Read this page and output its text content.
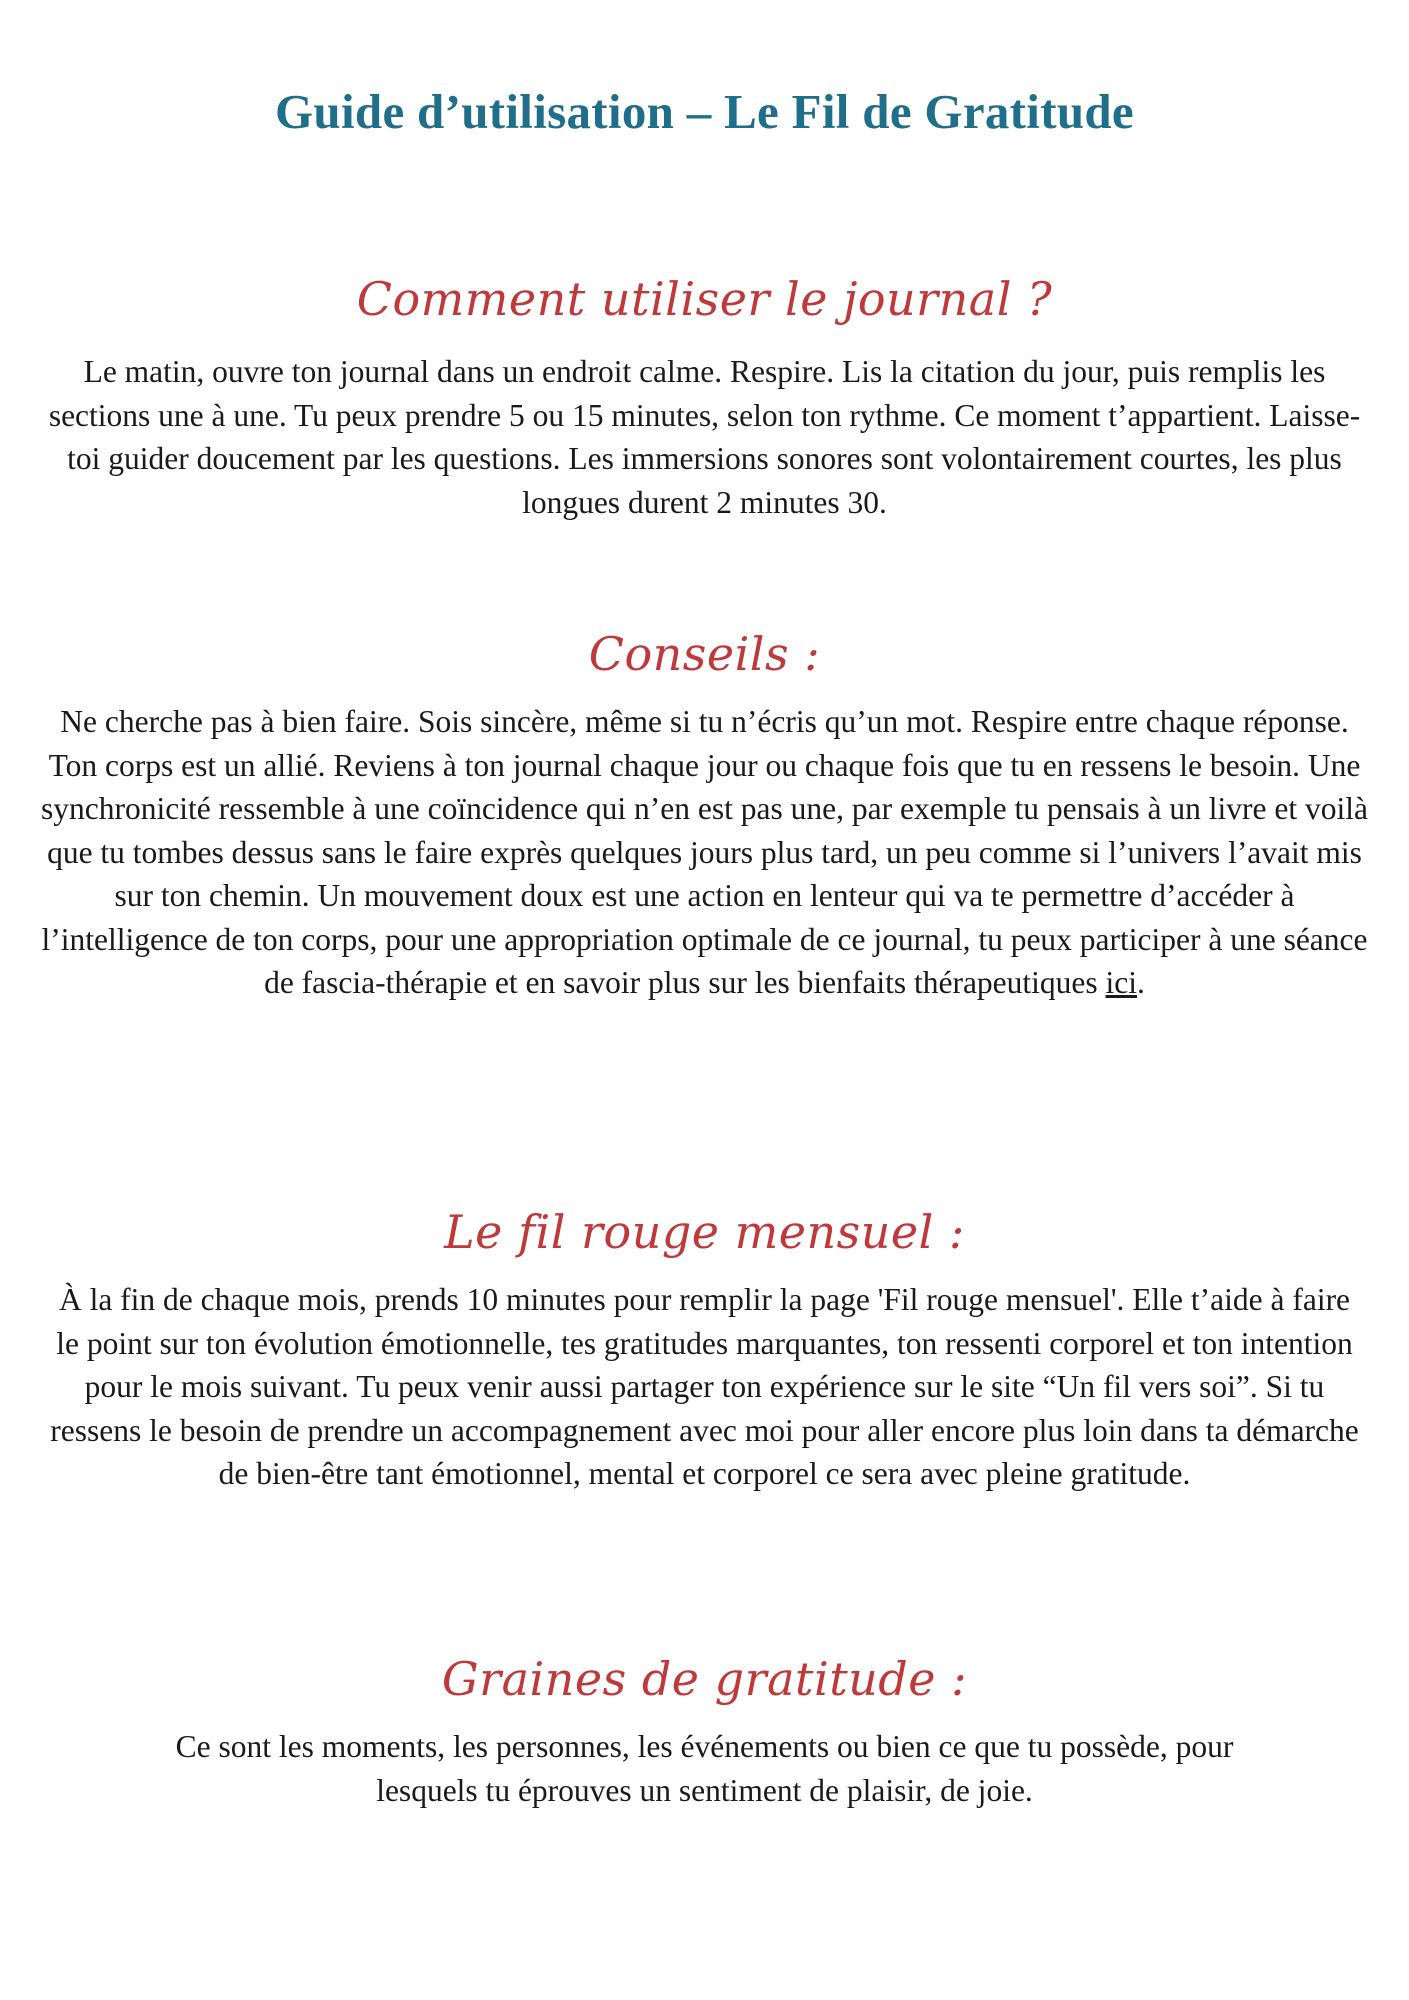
Guide d’utilisation – Le Fil de Gratitude
Comment utiliser le journal ?

Le matin, ouvre ton journal dans un endroit calme. Respire. Lis la citation du jour, puis remplis les sections une à une. Tu peux prendre 5 ou 15 minutes, selon ton rythme. Ce moment t’appartient. Laisse-toi guider doucement par les questions. Les immersions sonores sont volontairement courtes, les plus longues durent 2 minutes 30.

Conseils :

Ne cherche pas à bien faire. Sois sincère, même si tu n’écris qu’un mot. Respire entre chaque réponse. Ton corps est un allié. Reviens à ton journal chaque jour ou chaque fois que tu en ressens le besoin. Une synchronicité ressemble à une coïncidence qui n’en est pas une, par exemple tu pensais à un livre et voilà que tu tombes dessus sans le faire exprès quelques jours plus tard, un peu comme si l’univers l’avait mis sur ton chemin. Un mouvement doux est une action en lenteur qui va te permettre d’accéder à l’intelligence de ton corps, pour une appropriation optimale de ce journal, tu peux participer à une séance de fascia-thérapie et en savoir plus sur les bienfaits thérapeutiques ici.

Le fil rouge mensuel :

À la fin de chaque mois, prends 10 minutes pour remplir la page 'Fil rouge mensuel'. Elle t’aide à faire le point sur ton évolution émotionnelle, tes gratitudes marquantes, ton ressenti corporel et ton intention pour le mois suivant. Tu peux venir aussi partager ton expérience sur le site “Un fil vers soi”. Si tu ressens le besoin de prendre un accompagnement avec moi pour aller encore plus loin dans ta démarche de bien-être tant émotionnel, mental et corporel ce sera avec pleine gratitude.

Graines de gratitude :

Ce sont les moments, les personnes, les événements ou bien ce que tu possède, pour lesquels tu éprouves un sentiment de plaisir, de joie.
